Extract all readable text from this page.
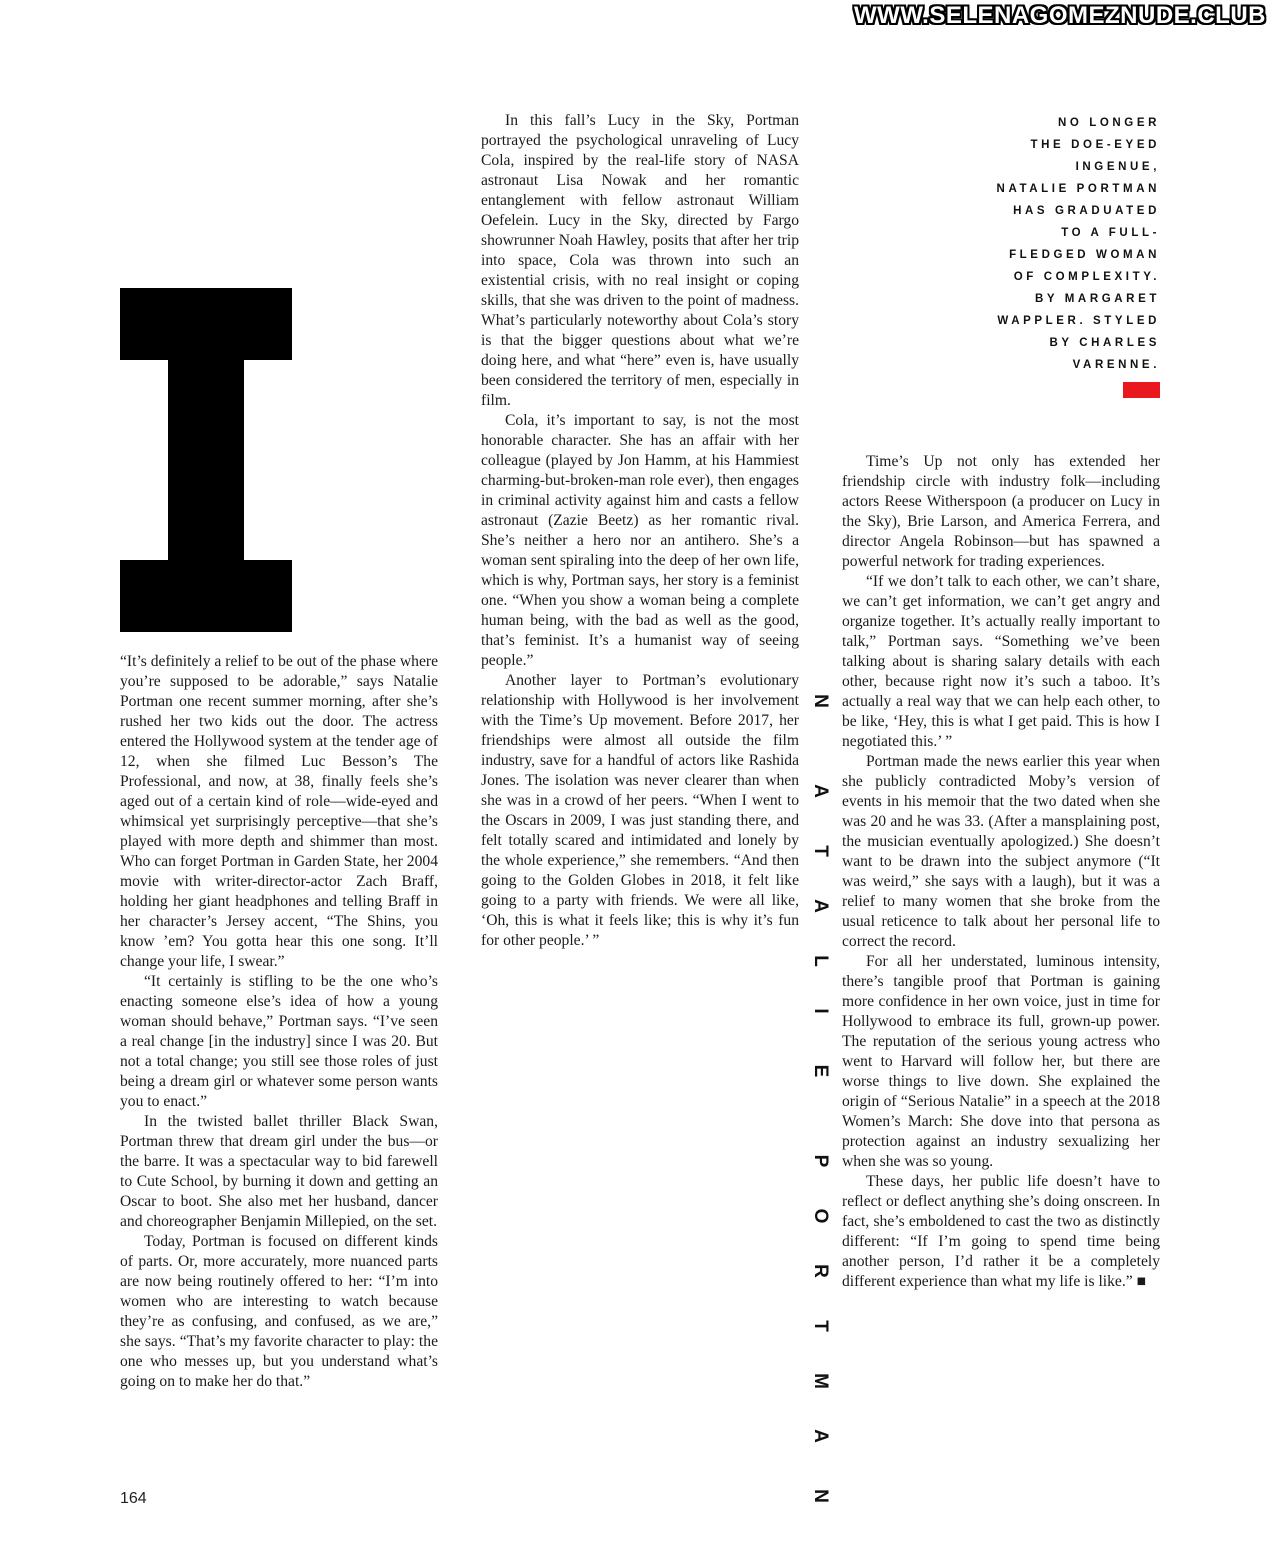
WWW.SELENAGOMEZNUDE.CLUB

“It’s definitely a relief to be out of the phase where you’re supposed to be adorable,” says Natalie Portman one recent summer morning, after she’s rushed her two kids out the door. The actress entered the Hollywood system at the tender age of 12, when she filmed Luc Besson’s The Professional, and now, at 38, finally feels she’s aged out of a certain kind of role—wide-eyed and whimsical yet surprisingly perceptive—that she’s played with more depth and shimmer than most. Who can forget Portman in Garden State, her 2004 movie with writer-director-actor Zach Braff, holding her giant headphones and telling Braff in her character’s Jersey accent, “The Shins, you know ’em? You gotta hear this one song. It’ll change your life, I swear.”

“It certainly is stifling to be the one who’s enacting someone else’s idea of how a young woman should behave,” Portman says. “I’ve seen a real change [in the industry] since I was 20. But not a total change; you still see those roles of just being a dream girl or whatever some person wants you to enact.”

In the twisted ballet thriller Black Swan, Portman threw that dream girl under the bus—or the barre. It was a spectacular way to bid farewell to Cute School, by burning it down and getting an Oscar to boot. She also met her husband, dancer and choreographer Benjamin Millepied, on the set.

Today, Portman is focused on different kinds of parts. Or, more accurately, more nuanced parts are now being routinely offered to her: “I’m into women who are interesting to watch because they’re as confusing, and confused, as we are,” she says. “That’s my favorite character to play: the one who messes up, but you understand what’s going on to make her do that.”

In this fall’s Lucy in the Sky, Portman portrayed the psychological unraveling of Lucy Cola, inspired by the real-life story of NASA astronaut Lisa Nowak and her romantic entanglement with fellow astronaut William Oefelein. Lucy in the Sky, directed by Fargo showrunner Noah Hawley, posits that after her trip into space, Cola was thrown into such an existential crisis, with no real insight or coping skills, that she was driven to the point of madness. What’s particularly noteworthy about Cola’s story is that the bigger questions about what we’re doing here, and what “here” even is, have usually been considered the territory of men, especially in film.

Cola, it’s important to say, is not the most honorable character. She has an affair with her colleague (played by Jon Hamm, at his Hammiest charming-but-broken-man role ever), then engages in criminal activity against him and casts a fellow astronaut (Zazie Beetz) as her romantic rival. She’s neither a hero nor an antihero. She’s a woman sent spiraling into the deep of her own life, which is why, Portman says, her story is a feminist one. “When you show a woman being a complete human being, with the bad as well as the good, that’s feminist. It’s a humanist way of seeing people.”

Another layer to Portman’s evolutionary relationship with Hollywood is her involvement with the Time’s Up movement. Before 2017, her friendships were almost all outside the film industry, save for a handful of actors like Rashida Jones. The isolation was never clearer than when she was in a crowd of her peers. “When I went to the Oscars in 2009, I was just standing there, and felt totally scared and intimidated and lonely by the whole experience,” she remembers. “And then going to the Golden Globes in 2018, it felt like going to a party with friends. We were all like, ‘Oh, this is what it feels like; this is why it’s fun for other people.’ ”

NO LONGER
THE DOE-EYED
INGENUE,
NATALIE PORTMAN
HAS GRADUATED
TO A FULL-
FLEDGED WOMAN
OF COMPLEXITY.
BY MARGARET
WAPPLER. STYLED
BY CHARLES
VARENNE.

Time’s Up not only has extended her friendship circle with industry folk—including actors Reese Witherspoon (a producer on Lucy in the Sky), Brie Larson, and America Ferrera, and director Angela Robinson—but has spawned a powerful network for trading experiences.

“If we don’t talk to each other, we can’t share, we can’t get information, we can’t get angry and organize together. It’s actually really important to talk,” Portman says. “Something we’ve been talking about is sharing salary details with each other, because right now it’s such a taboo. It’s actually a real way that we can help each other, to be like, ‘Hey, this is what I get paid. This is how I negotiated this.’ ”

Portman made the news earlier this year when she publicly contradicted Moby’s version of events in his memoir that the two dated when she was 20 and he was 33. (After a mansplaining post, the musician eventually apologized.) She doesn’t want to be drawn into the subject anymore (“It was weird,” she says with a laugh), but it was a relief to many women that she broke from the usual reticence to talk about her personal life to correct the record.

For all her understated, luminous intensity, there’s tangible proof that Portman is gaining more confidence in her own voice, just in time for Hollywood to embrace its full, grown-up power. The reputation of the serious young actress who went to Harvard will follow her, but there are worse things to live down. She explained the origin of “Serious Natalie” in a speech at the 2018 Women’s March: She dove into that persona as protection against an industry sexualizing her when she was so young.

These days, her public life doesn’t have to reflect or deflect anything she’s doing onscreen. In fact, she’s emboldened to cast the two as distinctly different: “If I’m going to spend time being another person, I’d rather it be a completely different experience than what my life is like.” ■

N
A
T
A
L
I
E
P
O
R
T
M
A
N
164
